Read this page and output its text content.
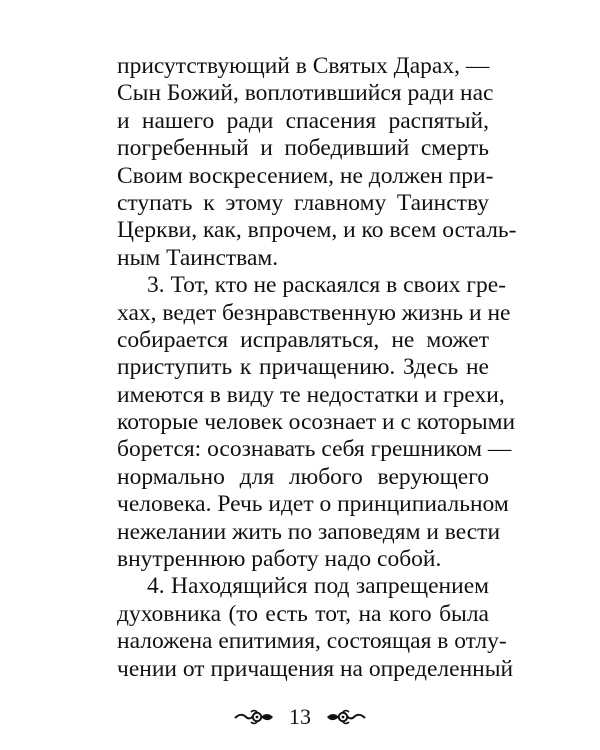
присутствующий в Святых Дарах, —
Сын Божий, воплотившийся ради нас
и нашего ради спасения распятый,
погребенный и победивший смерть
Своим воскресением, не должен при-
ступать к этому главному Таинству
Церкви, как, впрочем, и ко всем осталь-
ным Таинствам.
3. Тот, кто не раскаялся в своих гре-
хах, ведет безнравственную жизнь и не
собирается исправляться, не может
приступить к причащению. Здесь не
имеются в виду те недостатки и грехи,
которые человек осознает и с которыми
борется: осознавать себя грешником —
нормально для любого верующего
человека. Речь идет о принципиальном
нежелании жить по заповедям и вести
внутреннюю работу надо собой.
4. Находящийся под запрещением
духовника (то есть тот, на кого была
наложена епитимия, состоящая в отлу-
чении от причащения на определенный
13
